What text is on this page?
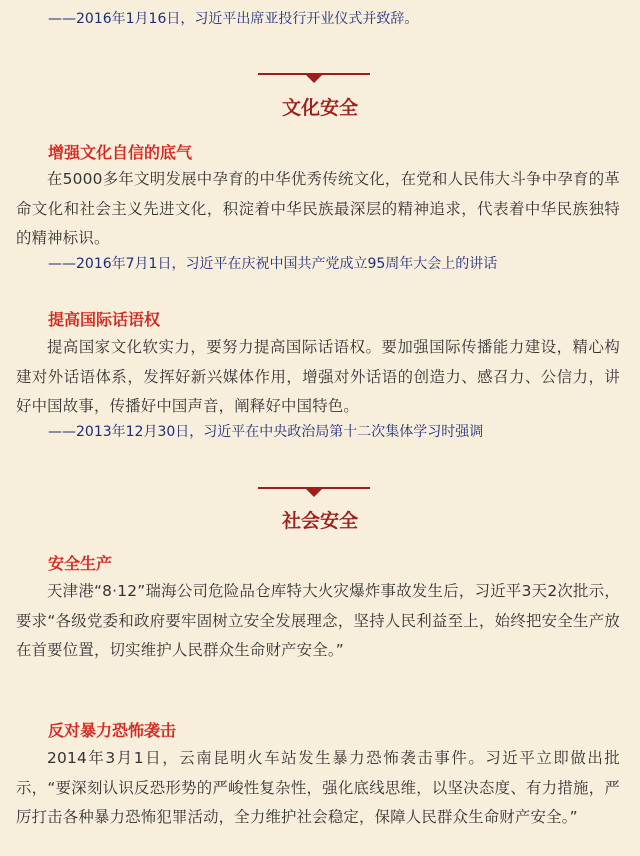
——2016年1月16日，习近平出席亚投行开业仪式并致辞。
文化安全
增强文化自信的底气
在5000多年文明发展中孕育的中华优秀传统文化，在党和人民伟大斗争中孕育的革命文化和社会主义先进文化，积淀着中华民族最深层的精神追求，代表着中华民族独特的精神标识。
——2016年7月1日，习近平在庆祝中国共产党成立95周年大会上的讲话
提高国际话语权
提高国家文化软实力，要努力提高国际话语权。要加强国际传播能力建设，精心构建对外话语体系，发挥好新兴媒体作用，增强对外话语的创造力、感召力、公信力，讲好中国故事，传播好中国声音，阐释好中国特色。
——2013年12月30日，习近平在中央政治局第十二次集体学习时强调
社会安全
安全生产
天津港“8·12”瑞海公司危险品仓库特大火灾爆炸事故发生后，习近平3天2次批示，要求“各级党委和政府要牢固树立安全发展理念，坚持人民利益至上，始终把安全生产放在首要位置，切实维护人民群众生命财产安全。”
反对暴力恐怖袭击
2014年3月1日，云南昆明火车站发生暴力恐怖袭击事件。习近平立即做出批示，“要深刻认识反恐形势的严峻性复杂性，强化底线思维，以坚决态度、有力措施，严厉打击各种暴力恐怖犯罪活动，全力维护社会稳定，保障人民群众生命财产安全。”
